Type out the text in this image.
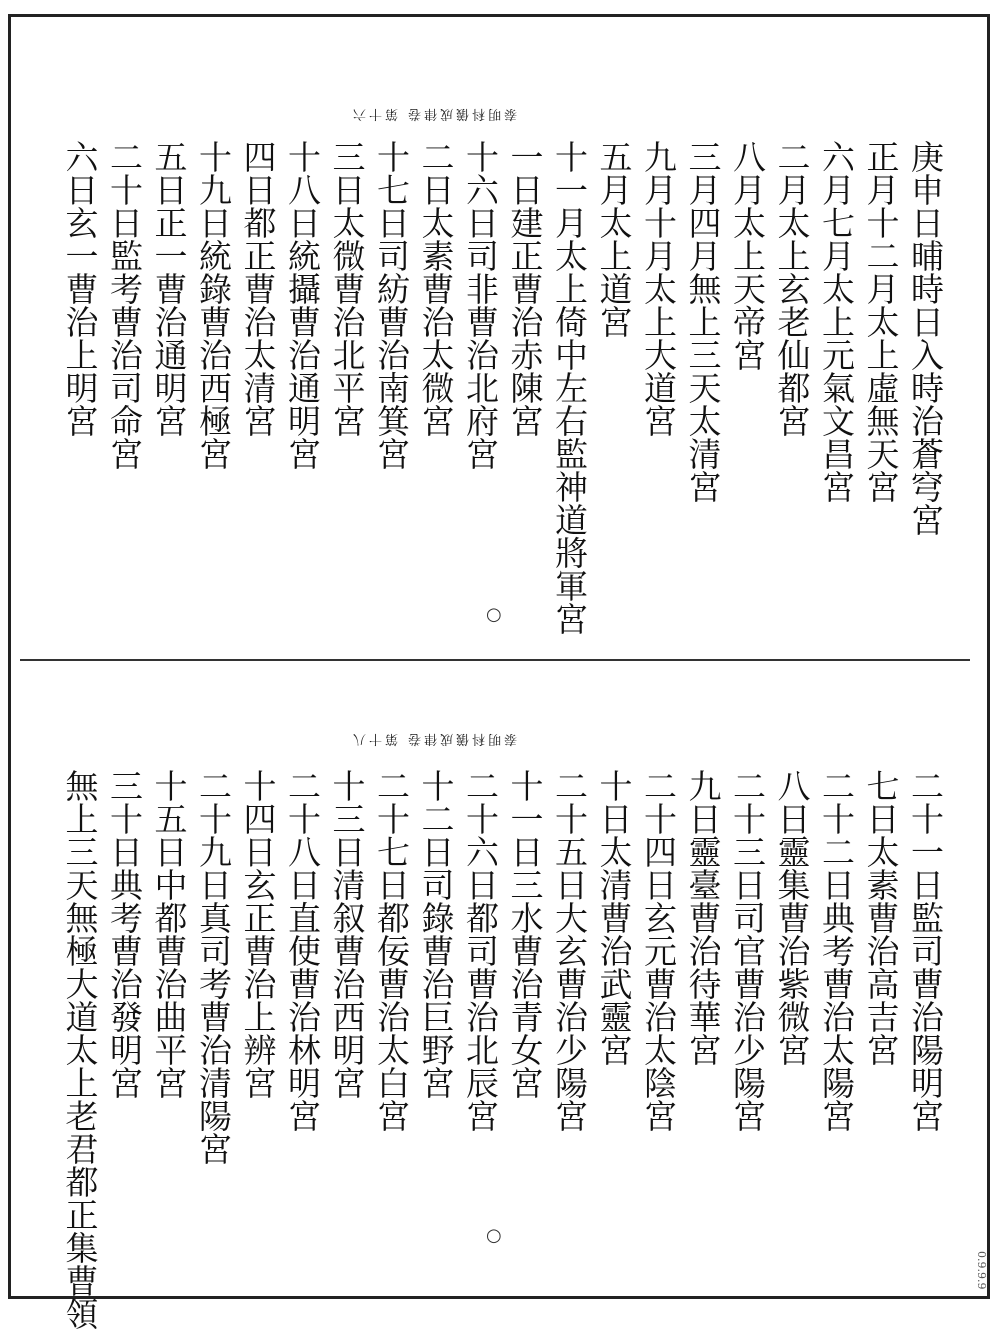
泰明科儀成律卷 第十六
庚申日晡時日入時治蒼穹宮
正月十二月太上虛無天宮
六月七月太上元氣文昌宮
二月太上玄老仙都宮
八月太上天帝宮
三月四月無上三天太清宮
九月十月太上大道宮
五月太上道宮
十一月太上倚中左右監神道將軍宮
一日建正曹治赤陳宮
十六日司非曹治北府宮
二日太素曹治太微宮
十七日司紡曹治南箕宮
三日太微曹治北平宮
十八日統攝曹治通明宮
四日都正曹治太清宮
十九日統錄曹治西極宮
五日正一曹治通明宮
二十日監考曹治司命宮
六日玄一曹治上明宮
○
泰明科儀成律卷 第十八
二十一日監司曹治陽明宮
七日太素曹治高吉宮
二十二日典考曹治太陽宮
八日靈集曹治紫微宮
二十三日司官曹治少陽宮
九日靈臺曹治待華宮
二十四日玄元曹治太陰宮
十日太清曹治武靈宮
二十五日大玄曹治少陽宮
十一日三水曹治青女宮
二十六日都司曹治北辰宮
十二日司錄曹治巨野宮
二十七日都佞曹治太白宮
十三日清叙曹治西明宮
二十八日直使曹治林明宮
十四日玄正曹治上辨宮
二十九日真司考曹治清陽宮
十五日中都曹治曲平宮
三十日典考曹治發明宮
無上三天無極大道太上老君都正集曹領	○
0.9.9.9
